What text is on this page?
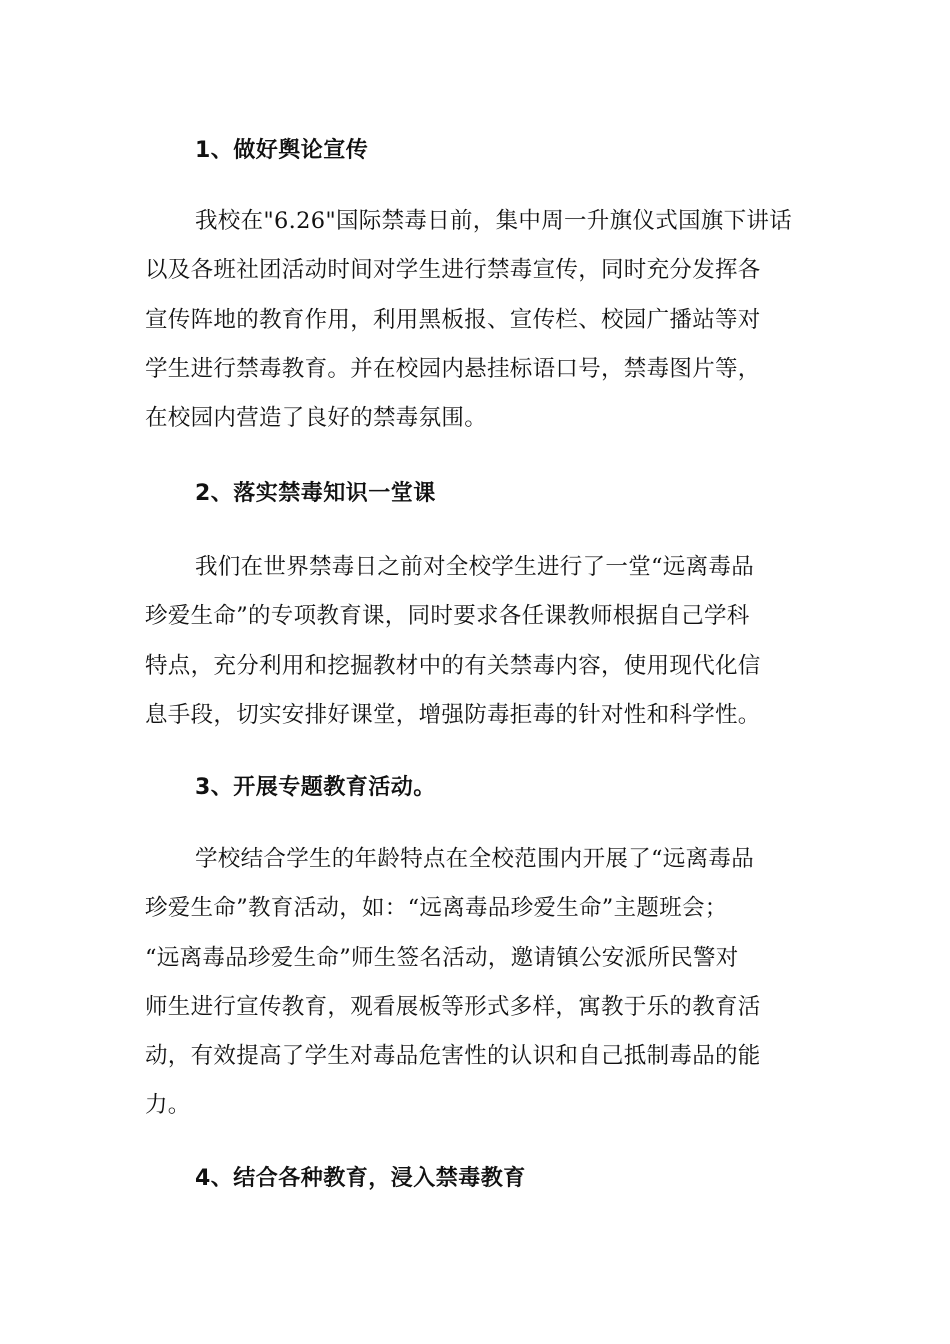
1、做好舆论宣传
我校在"6.26"国际禁毒日前，集中周一升旗仪式国旗下讲话
以及各班社团活动时间对学生进行禁毒宣传，同时充分发挥各
宣传阵地的教育作用，利用黑板报、宣传栏、校园广播站等对
学生进行禁毒教育。并在校园内悬挂标语口号，禁毒图片等，
在校园内营造了良好的禁毒氛围。
2、落实禁毒知识一堂课
我们在世界禁毒日之前对全校学生进行了一堂“远离毒品
珍爱生命”的专项教育课，同时要求各任课教师根据自己学科
特点，充分利用和挖掘教材中的有关禁毒内容，使用现代化信
息手段，切实安排好课堂，增强防毒拒毒的针对性和科学性。
3、开展专题教育活动。
学校结合学生的年龄特点在全校范围内开展了“远离毒品
珍爱生命”教育活动，如：“远离毒品珍爱生命”主题班会；
“远离毒品珍爱生命”师生签名活动，邀请镇公安派所民警对
师生进行宣传教育，观看展板等形式多样，寓教于乐的教育活
动，有效提高了学生对毒品危害性的认识和自己抵制毒品的能
力。
4、结合各种教育，浸入禁毒教育
